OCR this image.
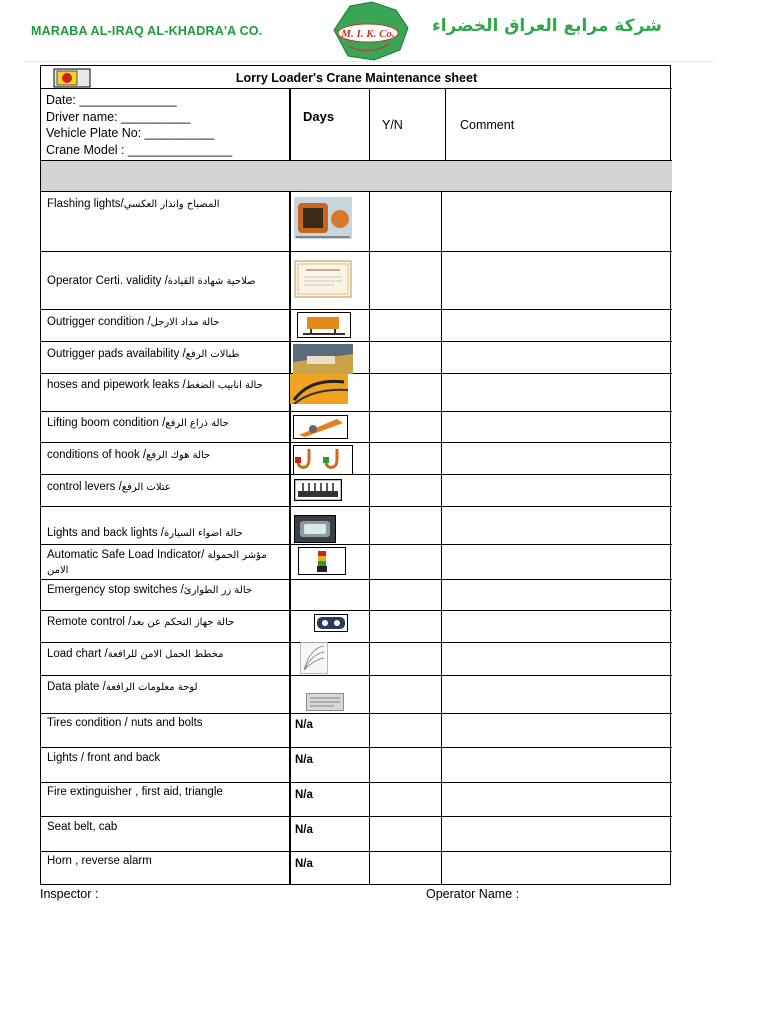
MARABA AL-IRAQ AL-KHADRA'A CO.	M. I. K. Co. شركة مرابع العراق الخضراء
Lorry Loader's Crane Maintenance sheet
Date: ______________
Driver name: __________
Vehicle Plate No: __________
Crane Model : _______________
Days
Y/N	Comment
Flashing lights/المصباح وانذار العكسي
Operator Certi. validity /صلاحية شهادة القيادة
Outrigger condition /حالة مداد الارجل
Outrigger pads availability /طبالات الرفع
hoses and pipework leaks /حالة انابيب الضغط
Lifting boom condition /حالة ذراع الرفع
conditions of hook /حالة هوك الرفع
control levers /عتلات الرفع
Lights and back lights /حالة اضواء السيارة
Automatic Safe Load Indicator/ مؤشر الحمولة الامن
Emergency stop switches /حالة زر الطوارئ
Remote control /حالة جهاز التحكم عن بعد
Load chart /مخطط الحمل الامن للرافعة
Data plate /لوحة معلومات الرافعة
Tires condition / nuts and bolts	N/a
Lights / front and back	N/a
Fire extinguisher , first aid, triangle	N/a
Seat belt, cab	N/a
Horn , reverse alarm	N/a
Inspector :	Operator Name :
